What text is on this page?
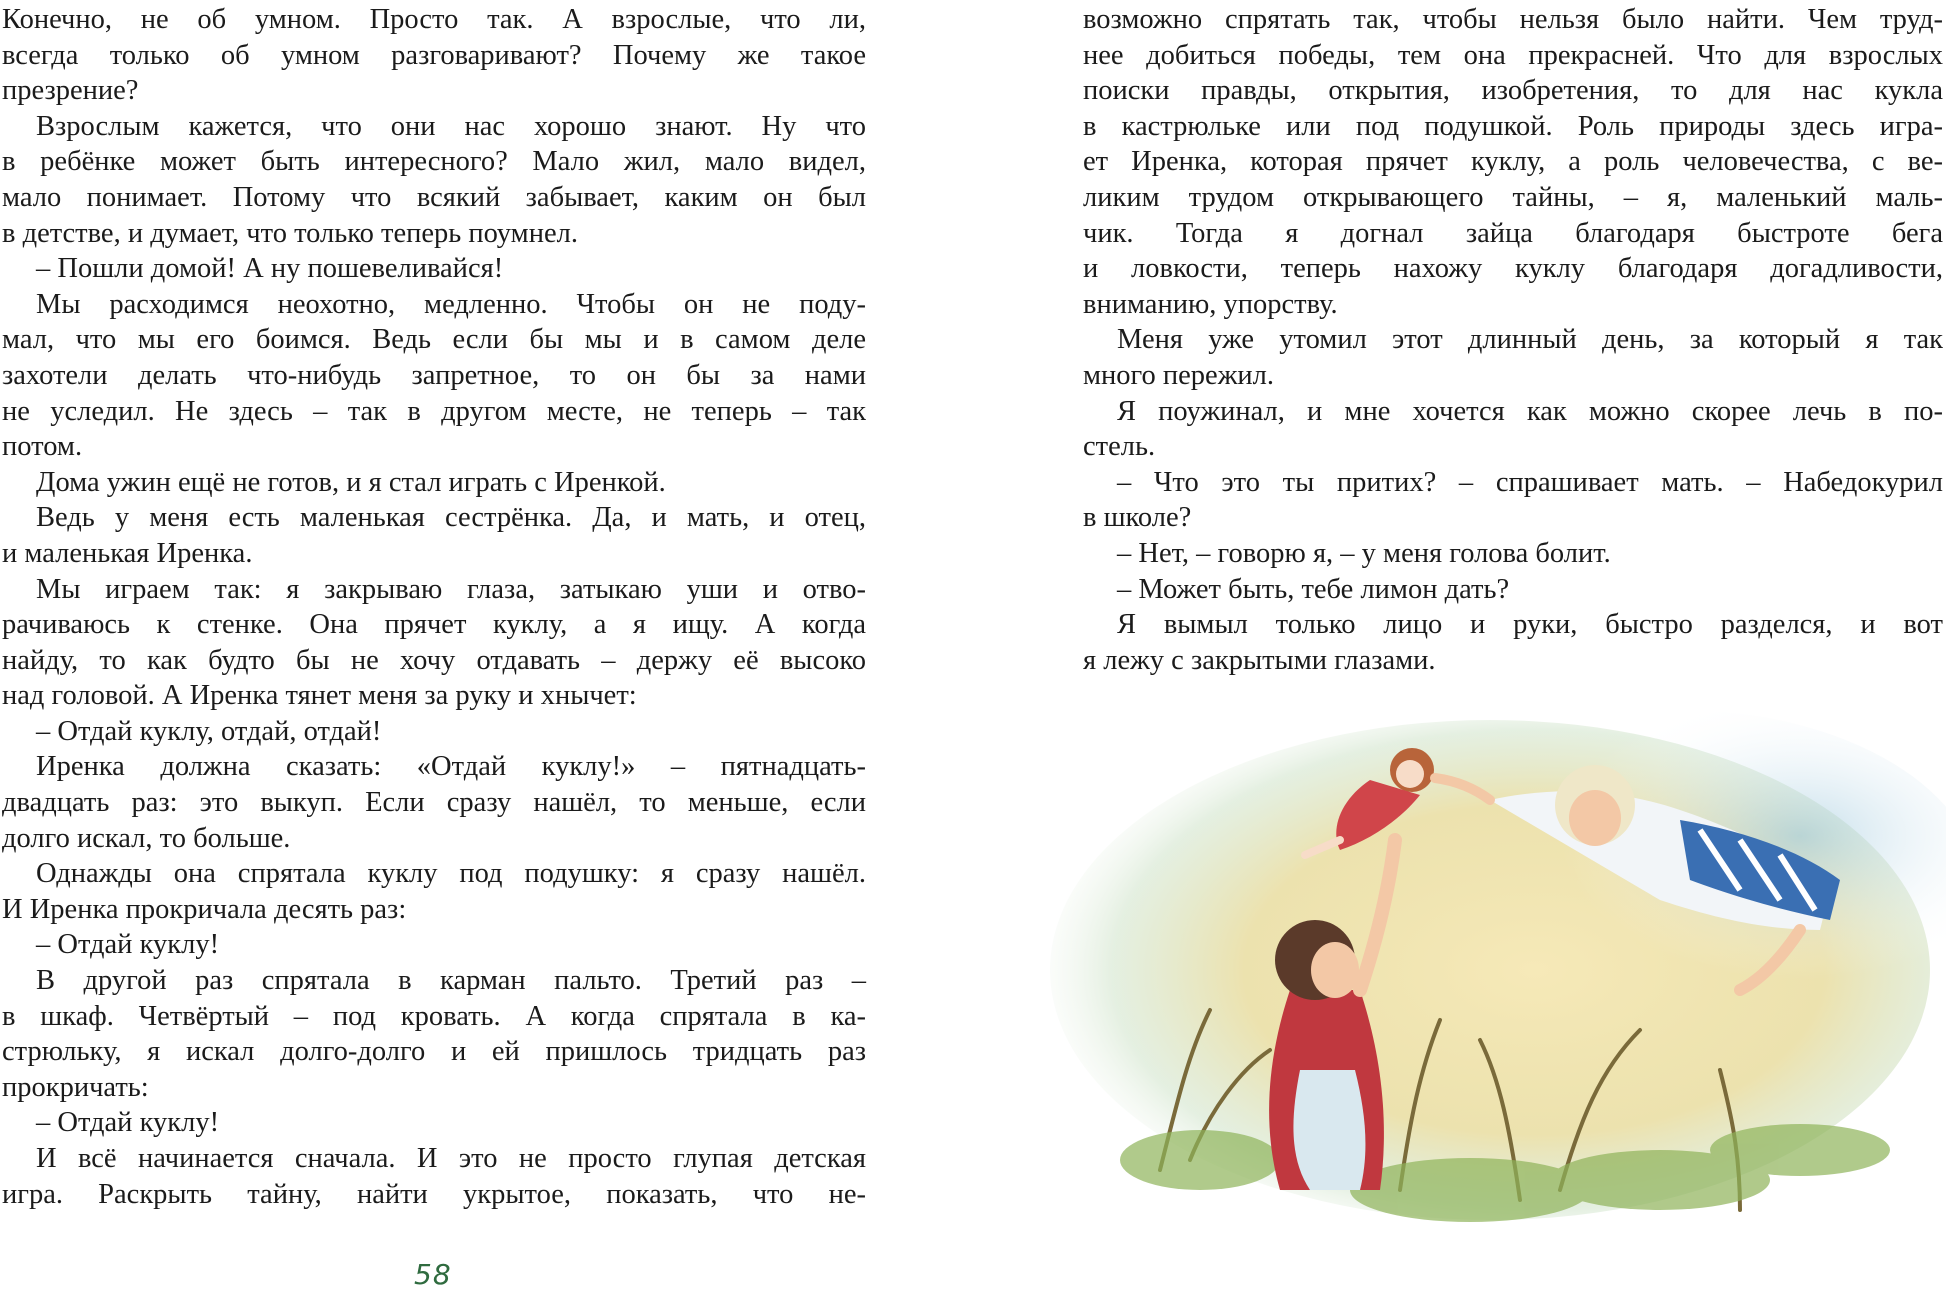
Конечно, не об умном. Просто так. А взрослые, что ли,
всегда только об умном разговаривают? Почему же такое
презрение?
Взрослым кажется, что они нас хорошо знают. Ну что
в ребёнке может быть интересного? Мало жил, мало видел,
мало понимает. Потому что всякий забывает, каким он был
в детстве, и думает, что только теперь поумнел.
– Пошли домой! А ну пошевеливайся!
Мы расходимся неохотно, медленно. Чтобы он не поду-
мал, что мы его боимся. Ведь если бы мы и в самом деле
захотели делать что-нибудь запретное, то он бы за нами
не уследил. Не здесь – так в другом месте, не теперь – так
потом.
Дома ужин ещё не готов, и я стал играть с Иренкой.
Ведь у меня есть маленькая сестрёнка. Да, и мать, и отец,
и маленькая Иренка.
Мы играем так: я закрываю глаза, затыкаю уши и отво-
рачиваюсь к стенке. Она прячет куклу, а я ищу. А когда
найду, то как будто бы не хочу отдавать – держу её высоко
над головой. А Иренка тянет меня за руку и хнычет:
– Отдай куклу, отдай, отдай!
Иренка должна сказать: «Отдай куклу!» – пятнадцать-
двадцать раз: это выкуп. Если сразу нашёл, то меньше, если
долго искал, то больше.
Однажды она спрятала куклу под подушку: я сразу нашёл.
И Иренка прокричала десять раз:
– Отдай куклу!
В другой раз спрятала в карман пальто. Третий раз –
в шкаф. Четвёртый – под кровать. А когда спрятала в ка-
стрюльку, я искал долго-долго и ей пришлось тридцать раз
прокричать:
– Отдай куклу!
И всё начинается сначала. И это не просто глупая детская
игра. Раскрыть тайну, найти укрытое, показать, что не-
возможно спрятать так, чтобы нельзя было найти. Чем труд-
нее добиться победы, тем она прекрасней. Что для взрослых
поиски правды, открытия, изобретения, то для нас кукла
в кастрюльке или под подушкой. Роль природы здесь игра-
ет Иренка, которая прячет куклу, а роль человечества, с ве-
ликим трудом открывающего тайны, – я, маленький маль-
чик. Тогда я догнал зайца благодаря быстроте бега
и ловкости, теперь нахожу куклу благодаря догадливости,
вниманию, упорству.
Меня уже утомил этот длинный день, за который я так
много пережил.
Я поужинал, и мне хочется как можно скорее лечь в по-
стель.
– Что это ты притих? – спрашивает мать. – Набедокурил
в школе?
– Нет, – говорю я, – у меня голова болит.
– Может быть, тебе лимон дать?
Я вымыл только лицо и руки, быстро разделся, и вот
я лежу с закрытыми глазами.
58
